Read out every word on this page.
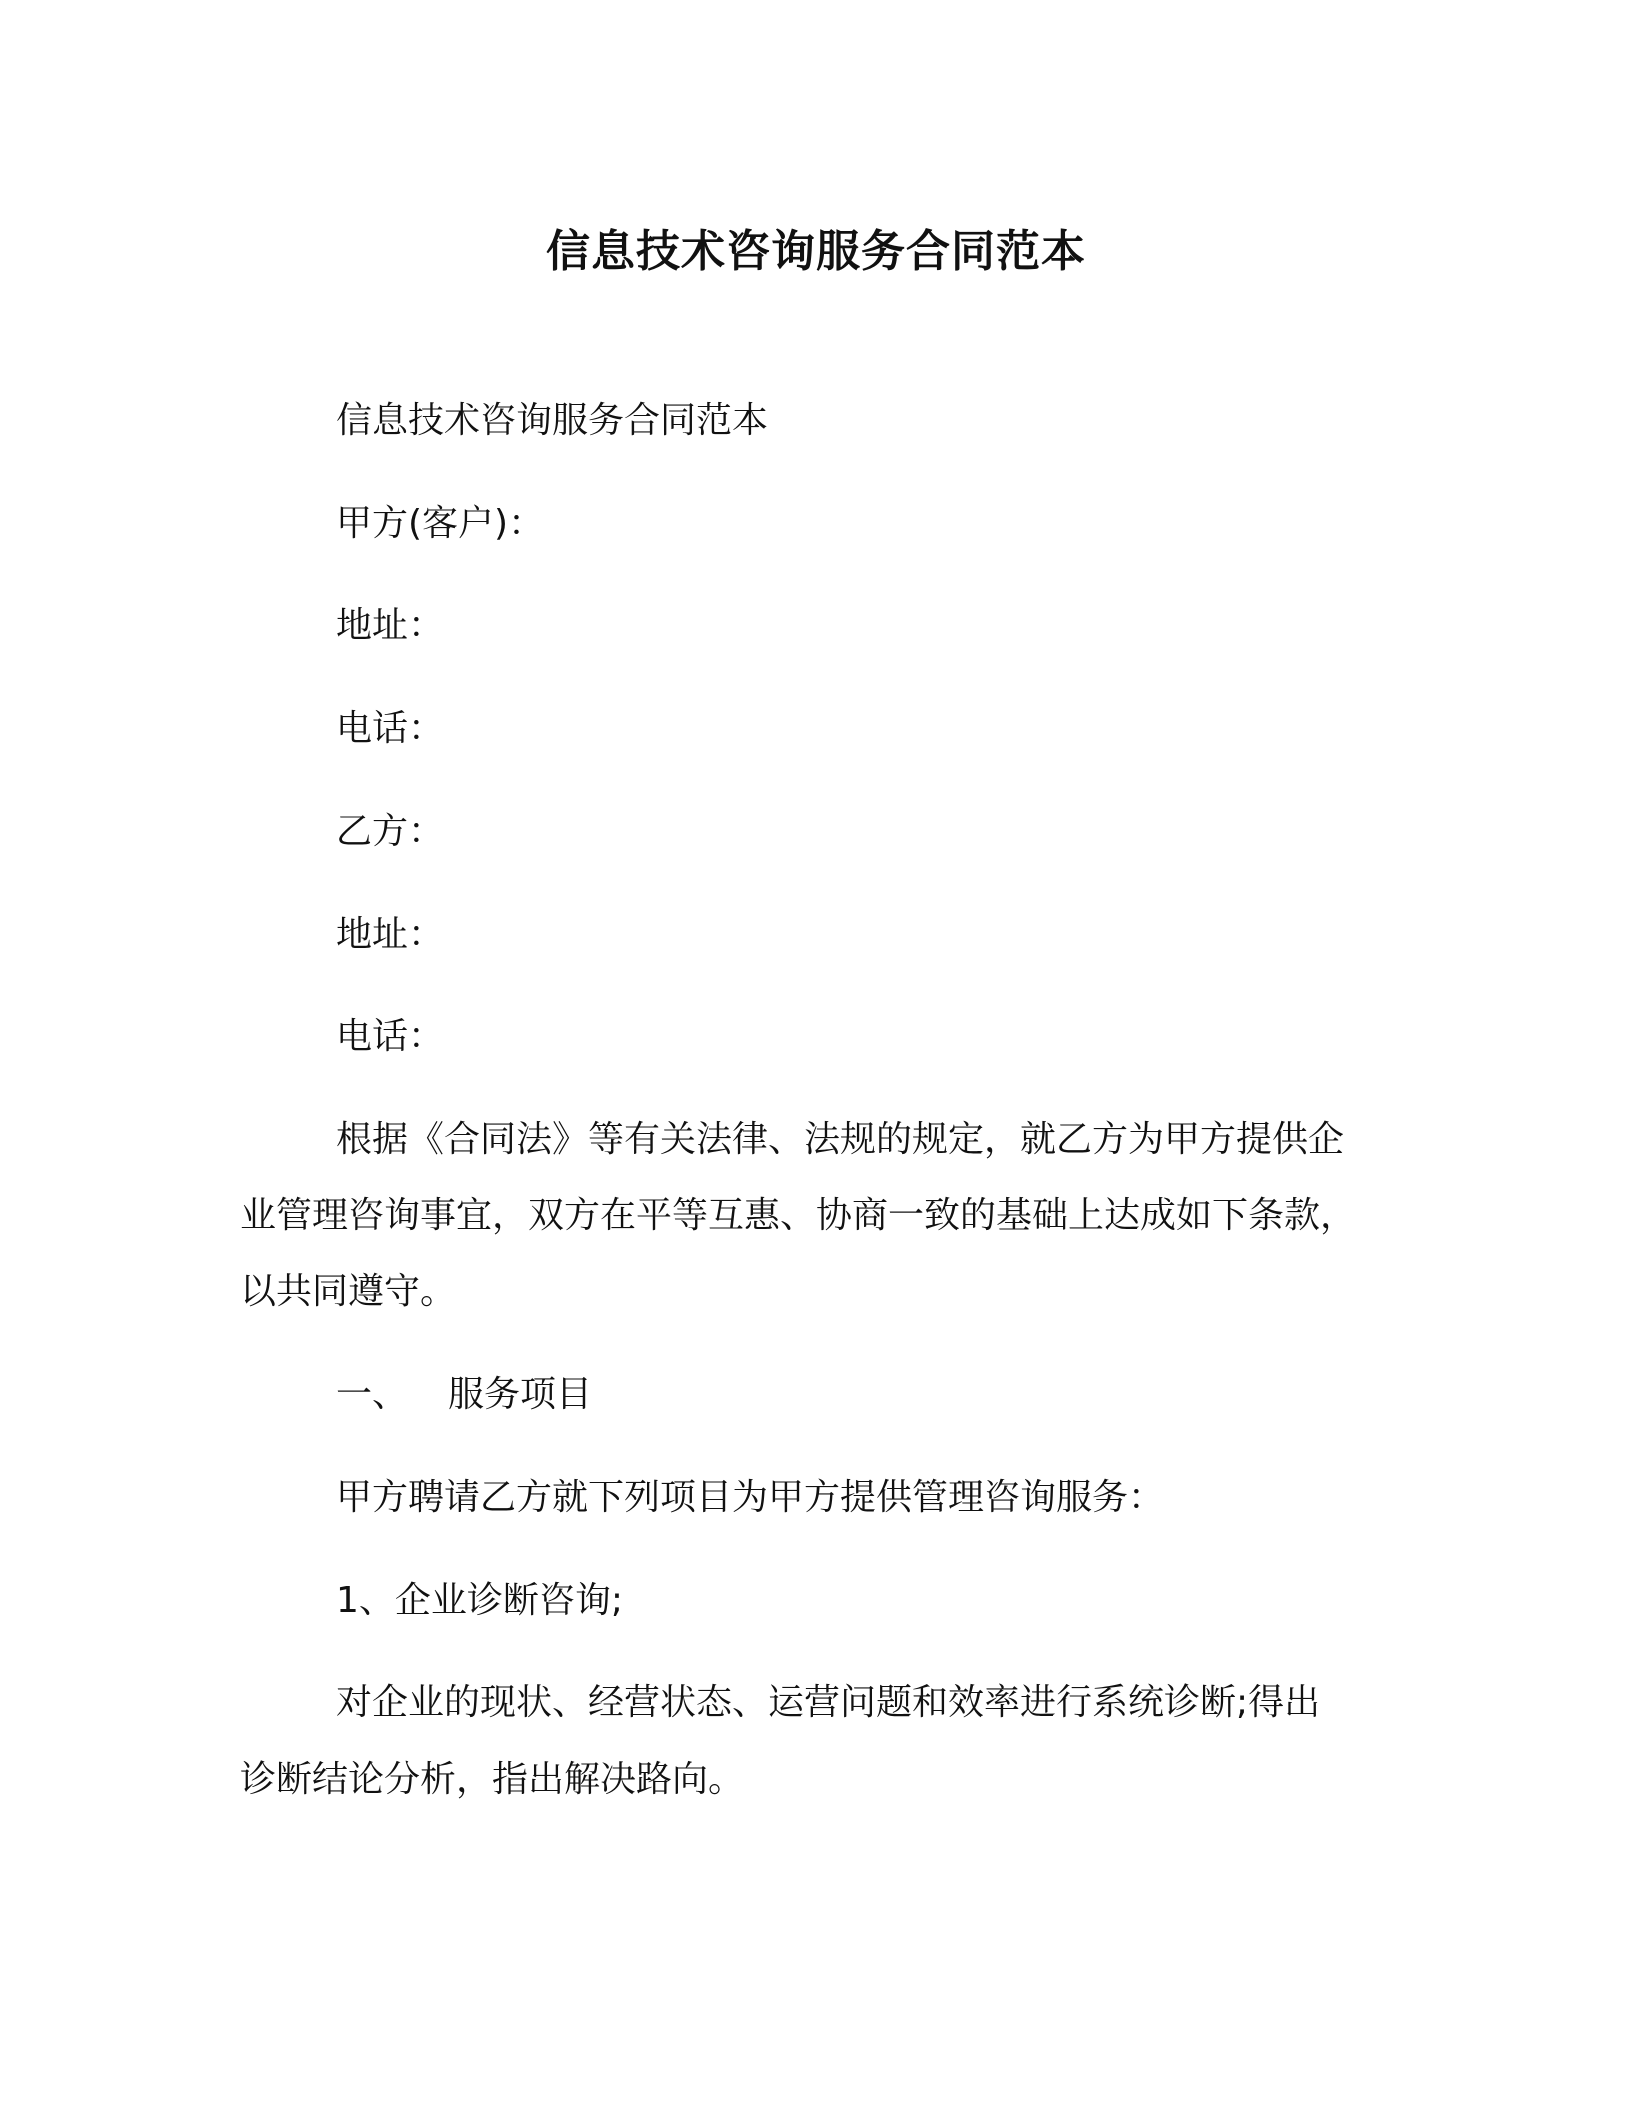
信息技术咨询服务合同范本
信息技术咨询服务合同范本
甲方(客户)：
地址：
电话：
乙方：
地址：
电话：
根据《合同法》等有关法律、法规的规定，就乙方为甲方提供企
业管理咨询事宜，双方在平等互惠、协商一致的基础上达成如下条款，
以共同遵守。
一、 服务项目
甲方聘请乙方就下列项目为甲方提供管理咨询服务：
1、企业诊断咨询;
对企业的现状、经营状态、运营问题和效率进行系统诊断;得出
诊断结论分析，指出解决路向。
